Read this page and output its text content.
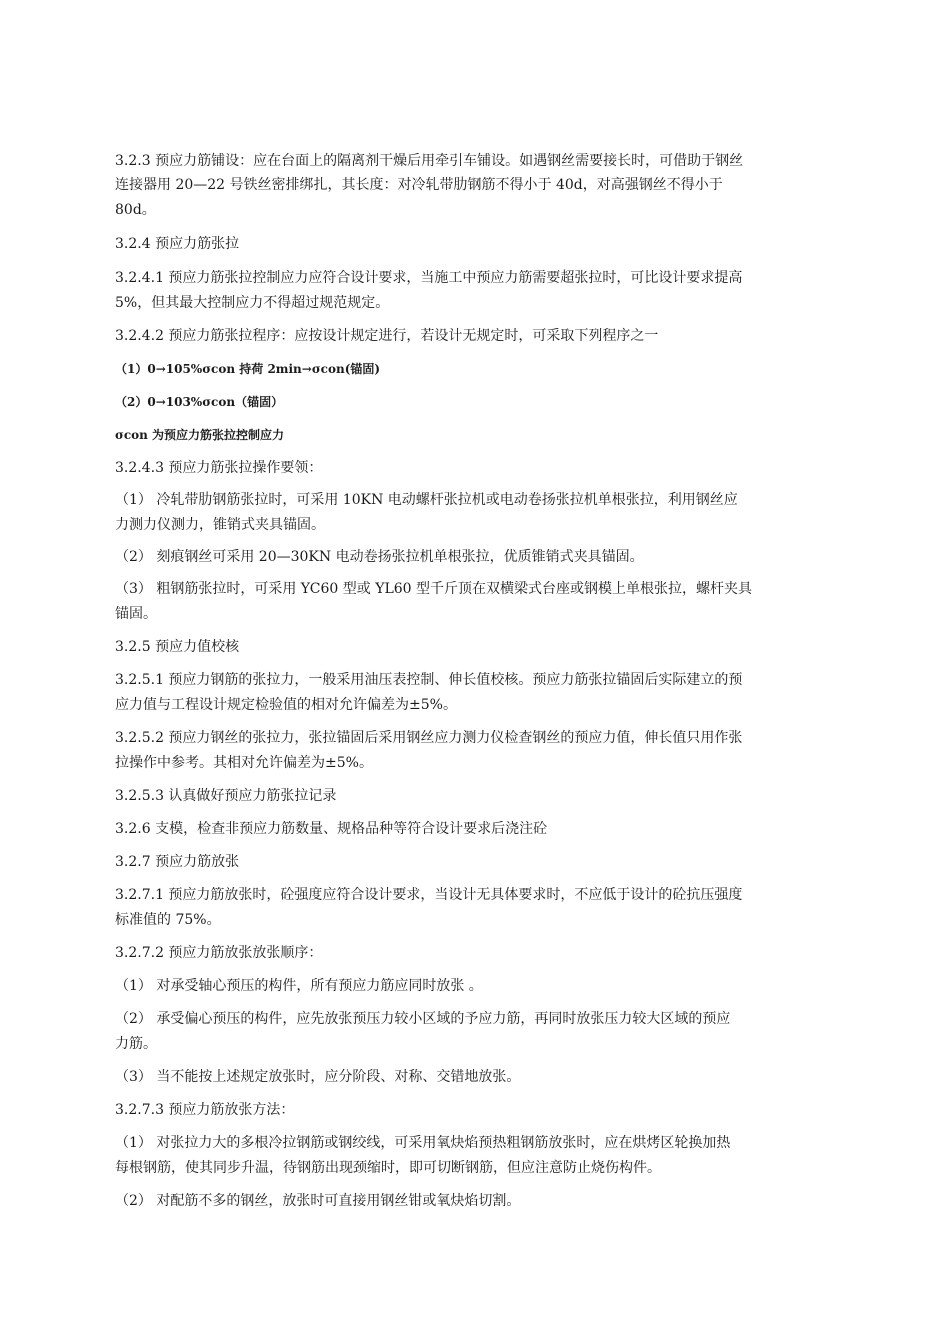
3.2.3 预应力筋铺设：应在台面上的隔离剂干燥后用牵引车铺设。如遇钢丝需要接长时，可借助于钢丝
连接器用 20—22 号铁丝密排绑扎，其长度：对冷轧带肋钢筋不得小于 40d，对高强钢丝不得小于
80d。
3.2.4 预应力筋张拉
3.2.4.1 预应力筋张拉控制应力应符合设计要求，当施工中预应力筋需要超张拉时，可比设计要求提高
5%，但其最大控制应力不得超过规范规定。
3.2.4.2 预应力筋张拉程序：应按设计规定进行，若设计无规定时，可采取下列程序之一
（1）0→105%σcon 持荷 2min→σcon(锚固)
（2）0→103%σcon（锚固）
σcon 为预应力筋张拉控制应力
3.2.4.3 预应力筋张拉操作要领：
（1） 冷轧带肋钢筋张拉时，可采用 10KN 电动螺杆张拉机或电动卷扬张拉机单根张拉，利用钢丝应
力测力仪测力，锥销式夹具锚固。
（2） 刻痕钢丝可采用 20—30KN 电动卷扬张拉机单根张拉，优质锥销式夹具锚固。
（3） 粗钢筋张拉时，可采用 YC60 型或 YL60 型千斤顶在双横梁式台座或钢模上单根张拉，螺杆夹具
锚固。
3.2.5 预应力值校核
3.2.5.1 预应力钢筋的张拉力，一般采用油压表控制、伸长值校核。预应力筋张拉锚固后实际建立的预
应力值与工程设计规定检验值的相对允许偏差为±5%。
3.2.5.2 预应力钢丝的张拉力，张拉锚固后采用钢丝应力测力仪检查钢丝的预应力值，伸长值只用作张
拉操作中参考。其相对允许偏差为±5%。
3.2.5.3 认真做好预应力筋张拉记录
3.2.6 支模，检查非预应力筋数量、规格品种等符合设计要求后浇注砼
3.2.7 预应力筋放张
3.2.7.1 预应力筋放张时，砼强度应符合设计要求，当设计无具体要求时，不应低于设计的砼抗压强度
标准值的 75%。
3.2.7.2 预应力筋放张放张顺序：
（1） 对承受轴心预压的构件，所有预应力筋应同时放张 。
（2） 承受偏心预压的构件，应先放张预压力较小区域的予应力筋，再同时放张压力较大区域的预应
力筋。
（3） 当不能按上述规定放张时，应分阶段、对称、交错地放张。
3.2.7.3 预应力筋放张方法：
（1） 对张拉力大的多根冷拉钢筋或钢绞线，可采用氧炔焰预热粗钢筋放张时，应在烘烤区轮换加热
每根钢筋，使其同步升温，待钢筋出现颈缩时，即可切断钢筋，但应注意防止烧伤构件。
（2） 对配筋不多的钢丝，放张时可直接用钢丝钳或氧炔焰切割。
